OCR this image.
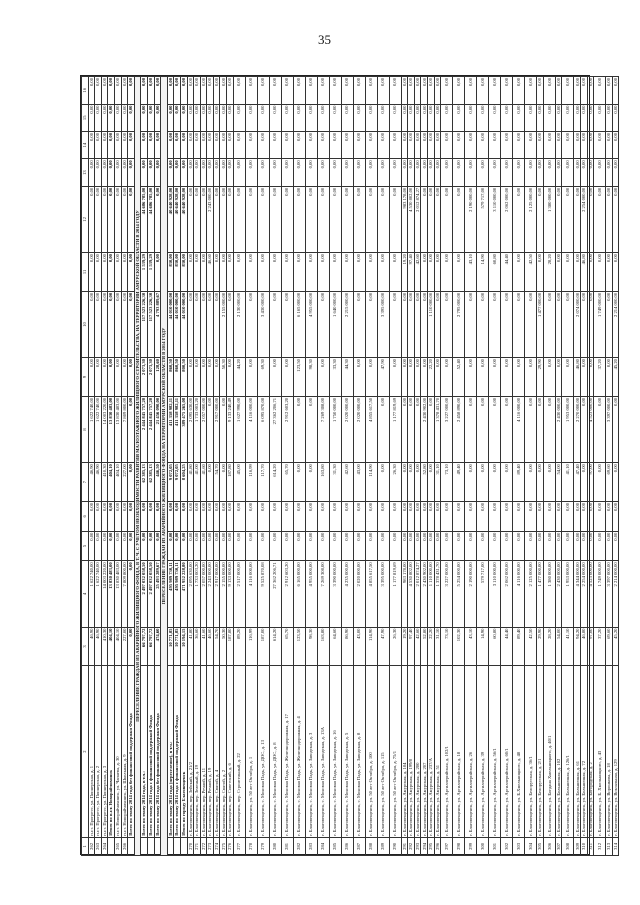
35
1	2	3	4	5	6	7	8	9	10	11	12	13	14	15	16
262	п.г.т. Прогресс, ул. Пионерская, д. 1	46,90	1 622 740,00	0,00	0,00	46,90	1 622 740,00	0,00	0,00	0,00	0,00	0,00	0,00	0,00	0,00
263	п.г.т. Прогресс, ул. Пионерская, д. 2	46,90	1 622 740,00	0,00	0,00	46,90	1 622 740,00	0,00	0,00	0,00	0,00	0,00	0,00	0,00	0,00
264	п.г.т. Прогресс, ул. Пионерская, д. 3	410,30	14 003 220,00	0,00	0,00	410,30	14 003 220,00	0,00	0,00	0,00	0,00	0,00	0,00	0,00	0,00
	Итого по п.г.т. Новорайчихинск	404,10	13 830 483,00	0,00	0,00	404,10	13 830 483,00	0,00	0,00	0,00	0,00	0,00	0,00	0,00	0,00
265	п.г.т. Новорайчихинск, ул. Чапаева, д. 30	404,10	13 830 483,00	0,00	0,00	404,10	13 830 483,00	0,00	0,00	0,00	0,00	0,00	0,00	0,00	0,00
266	п.г.т. Новорайчихинск, ул. Школьная, д. 9	227,00	7 809 800,00	0,00	0,00	227,00	7 809 800,00	0,00	0,00	0,00	0,00	0,00	0,00	0,00	0,00
	Всего по этапу 2014 года без финансовой поддержки Фонда	0,00	0,00	0,00	0,00	0,00	0,00	0,00	0,00	0,00	0,00	0,00	0,00	0,00	0,00
ПЕРЕСЕЛЕНИЕ ГРАЖДАН ИЗ АВАРИЙНОГО ЖИЛИЩНОГО ФОНДА, В Т. Ч. С УЧЕТОМ НЕОБХОДИМОСТИ РАЗВИТИЯ МАЛОЭТАЖНОГО ЖИЛИЩНОГО СТРОИТЕЛЬСТВА, НА ТЕРРИТОРИИ АМУРСКОЙ ОБЛАСТИ В 2014 ГОДУ															
	Всего по этапу 2014 года, в т.ч.:	66 797,72	2 497 032 058,50	0,00	0,00	62 385,13	2 444 845 757,20	2 073,30	117 523 226,30	1 539,29	44 686 785,00	0,00	0,00	0,00	0,00
	Всего по этапу 2014 года с финансовой поддержкой Фонда	66 797,72	2 497 032 058,50	0,00	0,00	62 385,13	2 444 845 757,20	2 073,30	117 523 226,30	1 539,29	44 686 785,00	0,00	0,00	0,00	0,00
	Всего по этапу 2014 года без финансовой поддержки Фонда	474,60	25 493 289,67	0,00	0,00	446,50	21 456 090,00	128,60	4 793 889,67	0,00	0,00	0,00	0,00	0,00	0,00
ПЕРЕСЕЛЕНИЕ ГРАЖДАН ИЗ АВАРИЙНОГО ЖИЛИЩНОГО ФОНДА НА ТЕРРИТОРИИ АМУРСКОЙ ОБЛАСТИ В 2014 ГОДУ															
	Всего по этапу 2014 года (переселение), в т.ч.:	10 771,85	495 989 730,11	0,00	0,00	9 072,05	411 358 982,11	860,50	44 010 000,00	830,00	40 640 928,00	0,00	0,00	0,00	0,00
	Всего по этапу 2014 года с финансовой поддержкой Фонда	10 771,85	495 989 730,11	0,00	0,00	9 072,05	411 358 982,11	860,50	44 010 000,00	830,00	40 640 928,00	0,00	0,00	0,00	0,00
	Итого по городу Благовещенск	10 194,15	471 952 228,80	0,00	0,00	8 604,25	389 475 265,08	800,50	44 010 000,00	830,00	40 640 928,00	0,00	0,00	0,00	0,00
270	г. Благовещенск, пер. Зейский, д. 21/2	41,80	2 095 630,00	0,00	0,00	41,80	2 095 630,00	0,00	0,00	0,00	0,00	0,00	0,00	0,00	0,00
271	г. Благовещенск, пер. Зеленый, д. 19	36,60	1 733 003,20	0,00	0,00	41,00	1 733 003,20	0,00	0,00	0,00	0,00	0,00	0,00	0,00	0,00
272	г. Благовещенск, пер. Речной, д. 11	41,60	2 057 000,00	0,00	0,00	41,60	2 057 000,00	0,00	0,00	0,00	0,00	0,00	0,00	0,00	0,00
273	г. Благовещенск, пер. Речной, д. 19	46,60	2 243 000,00	0,00	0,00	0,00	0,00	0,00	0,00	46,60	2 243 000,00	0,00	0,00	0,00	0,00
274	г. Благовещенск, пер. Святой, д. 4	54,70	2 917 000,00	0,00	0,00	54,70	2 917 000,00	0,00	0,00	0,00	0,00	0,00	0,00	0,00	0,00
275	г. Благовещенск, пер. Святой, д. 2	50,30	2 155 000,00	0,00	0,00	0,00	0,00	50,30	2 155 000,00	0,00	0,00	0,00	0,00	0,00	0,00
276	г. Благовещенск, пер. Советский, д. 6	187,80	9 133 000,00	0,00	0,00	187,80	9 133 240,49	0,00	0,00	0,00	0,00	0,00	0,00	0,00	0,00
277	г. Благовещенск, пер. Строительный, д. 22	89,20	2 517 000,00	0,00	0,00	45,00	1 627 990,00	44,20	2 130 000,00	0,00	0,00	0,00	0,00	0,00	0,00
278	г. Благовещенск, ул. 50 лет Октября, д. 1	116,99	4 116 000,00	0,00	0,00	116,99	4 116 000,00	0,00	0,00	0,00	0,00	0,00	0,00	0,00	0,00
279	г. Благовещенск, с. Моховая Падь, ул. ДОС, д. 13	187,00	9 525 870,08	0,00	0,00	117,70	6 095 870,08	69,30	3 430 000,00	0,00	0,00	0,00	0,00	0,00	0,00
280	г. Благовещенск, с. Моховая Падь, ул. ДОС, д. 8	614,20	27 362 206,71	0,00	0,00	614,20	27 362 206,71	0,00	0,00	0,00	0,00	0,00	0,00	0,00	0,00
281	г. Благовещенск, с. Моховая Падь, ул. Железнодорожная, д. 17	65,70	2 912 603,20	0,00	0,00	65,70	2 912 603,20	0,00	0,00	0,00	0,00	0,00	0,00	0,00	0,00
282	г. Благовещенск, с. Моховая Падь, ул. Железнодорожная, д. 4	123,50	6 165 000,00	0,00	0,00	0,00	0,00	123,50	6 165 000,00	0,00	0,00	0,00	0,00	0,00	0,00
283	г. Благовещенск, с. Моховая Падь, ул. Заводская, д. 3	98,30	4 955 000,00	0,00	0,00	0,00	0,00	98,30	4 955 000,00	0,00	0,00	0,00	0,00	0,00	0,00
284	г. Благовещенск, с. Моховая Падь, ул. Заводская, д. 13А	163,80	7 269 308,00	0,00	0,00	163,80	7 269 308,00	0,00	0,00	0,00	0,00	0,00	0,00	0,00	0,00
285	г. Благовещенск, с. Моховая Падь, ул. Заводская, д. 16	64,60	3 390 000,00	0,00	0,00	31,30	1 750 000,00	33,30	1 640 000,00	0,00	0,00	0,00	0,00	0,00	0,00
286	г. Благовещенск, с. Моховая Падь, ул. Заводская, д. 5	86,90	4 235 000,00	0,00	0,00	42,60	2 020 000,00	44,30	2 215 000,00	0,00	0,00	0,00	0,00	0,00	0,00
287	г. Благовещенск, с. Моховая Падь, ул. Заводская, д. 8	43,00	2 020 000,00	0,00	0,00	43,00	2 020 000,00	0,00	0,00	0,00	0,00	0,00	0,00	0,00	0,00
288	г. Благовещенск, ул. 50 лет Октября, д. 100	114,90	4 855 617,50	0,00	0,00	114,90	4 855 617,50	0,00	0,00	0,00	0,00	0,00	0,00	0,00	0,00
289	г. Благовещенск, ул. 50 лет Октября, д. 115	47,90	3 395 000,00	0,00	0,00	0,00	0,00	47,90	3 395 000,00	0,00	0,00	0,00	0,00	0,00	0,00
290	г. Благовещенск, ул. 50 лет Октября, д. 75/1	26,30	1 177 819,69	0,00	0,00	26,30	1 177 819,69	0,00	0,00	0,00	0,00	0,00	0,00	0,00	0,00
291	г. Благовещенск, ул. Амурская, д. 184	19,20	983 178,00	0,00	0,00	0,00	0,00	0,00	0,00	19,20	983 178,00	0,00	0,00	0,00	0,00
292	г. Благовещенск, ул. Амурская, д. 199/8	97,40	4 530 802,00	0,00	0,00	0,00	0,00	0,00	0,00	97,40	4 530 802,00	0,00	0,00	0,00	0,00
293	г. Благовещенск, ул. Амурская, д. 200	42,60	2 012 874,27	0,00	0,00	0,00	0,00	0,00	0,00	42,60	2 012 874,27	0,00	0,00	0,00	0,00
294	г. Благовещенск, ул. Амурская, д. 207	52,80	2 430 902,00	0,00	0,00	52,80	2 430 902,00	0,00	0,00	0,00	0,00	0,00	0,00	0,00	0,00
295	г. Благовещенск, ул. Амурская, д. 237/А	22,20	1 110 000,00	0,00	0,00	0,00	0,00	22,20	1 110 000,00	0,00	0,00	0,00	0,00	0,00	0,00
296	г. Благовещенск, ул. Амурская, д. 51	31,10	1 378 431,70	0,00	0,00	31,10	1 378 431,70	0,00	0,00	0,00	0,00	0,00	0,00	0,00	0,00
297	г. Благовещенск, ул. Артиллерийская, д. 102/1	73,10	3 227 000,00	0,00	0,00	73,10	3 227 000,00	0,00	0,00	0,00	0,00	0,00	0,00	0,00	0,00
298	г. Благовещенск, ул. Артиллерийская, д. 18	102,30	5 254 000,00	0,00	0,00	49,40	2 458 890,00	52,40	2 795 000,00	0,00	0,00	0,00	0,00	0,00	0,00
299	г. Благовещенск, ул. Артиллерийская, д. 26	43,10	2 190 000,00	0,00	0,00	0,00	0,00	0,00	0,00	43,10	2 190 000,00	0,00	0,00	0,00	0,00
300	г. Благовещенск, ул. Артиллерийская, д. 39	14,90	579 717,00	0,00	0,00	0,00	0,00	0,00	0,00	14,90	579 717,00	0,00	0,00	0,00	0,00
301	г. Благовещенск, ул. Артиллерийская, д. 56/1	60,80	3 110 000,00	0,00	0,00	0,00	0,00	0,00	0,00	60,80	3 110 000,00	0,00	0,00	0,00	0,00
302	г. Благовещенск, ул. Артиллерийская, д. 60/1	44,40	2 062 000,00	0,00	0,00	0,00	0,00	0,00	0,00	44,40	2 062 000,00	0,00	0,00	0,00	0,00
303	г. Благовещенск, ул. Б.Хмельницкого, д. 48	89,40	4 116 000,00	0,00	0,00	89,40	4 116 000,00	0,00	0,00	0,00	0,00	0,00	0,00	0,00	0,00
304	г. Благовещенск, ул. Белорусская, д. 36/1	42,50	2 125 000,00	0,00	0,00	0,00	0,00	0,00	0,00	42,50	2 125 000,00	0,00	0,00	0,00	0,00
305	г. Благовещенск, ул. Белорусская, д. 2/1	29,90	1 477 000,00	0,00	0,00	0,00	0,00	29,90	1 477 000,00	0,00	0,00	0,00	0,00	0,00	0,00
306	г. Благовещенск, ул. Богдана Хмельницкого, д. 40/1	28,20	1 380 000,00	0,00	0,00	0,00	0,00	0,00	0,00	28,20	1 380 000,00	0,00	0,00	0,00	0,00
307	г. Благовещенск, ул. Больничная, д. 102	54,00	2 430 000,00	0,00	0,00	54,00	2 430 000,00	0,00	0,00	0,00	0,00	0,00	0,00	0,00	0,00
308	г. Благовещенск, ул. Больничная, д. 126/1	41,10	1 953 000,00	0,00	0,00	41,10	1 953 000,00	0,00	0,00	0,00	0,00	0,00	0,00	0,00	0,00
309	г. Благовещенск, ул. Больничная, д. 61	94,20	4 344 000,00	0,00	0,00	47,40	2 270 000,00	46,80	2 074 000,00	0,00	0,00	0,00	0,00	0,00	0,00
310	г. Благовещенск, ул. Больничная, д. 72	46,80	2 254 000,00	0,00	0,00	0,00	0,00	0,00	0,00	46,80	2 254 000,00	0,00	0,00	0,00	0,00
311	г. Благовещенск, ул. Богородская, д. 2	97,00	4 523 000,00	0,00	0,00	97,00	4 523 000,00	0,00	0,00	0,00	0,00	0,00	0,00	0,00	0,00
312	г. Благовещенск, ул. Б. Хмельницкого, д. 43	37,20	1 749 000,00	0,00	0,00	0,00	0,00	37,20	1 749 000,00	0,00	0,00	0,00	0,00	0,00	0,00
313	г. Благовещенск, ул. Воронкова, д. 18	69,60	3 397 000,00	0,00	0,00	69,60	3 397 000,00	0,00	0,00	0,00	0,00	0,00	0,00	0,00	0,00
314	г. Благовещенск, ул. Вокзальная, д. 129	45,20	2 214 000,00	0,00	0,00	0,00	0,00	45,20	2 214 000,00	0,00	0,00	0,00	0,00	0,00	0,00
